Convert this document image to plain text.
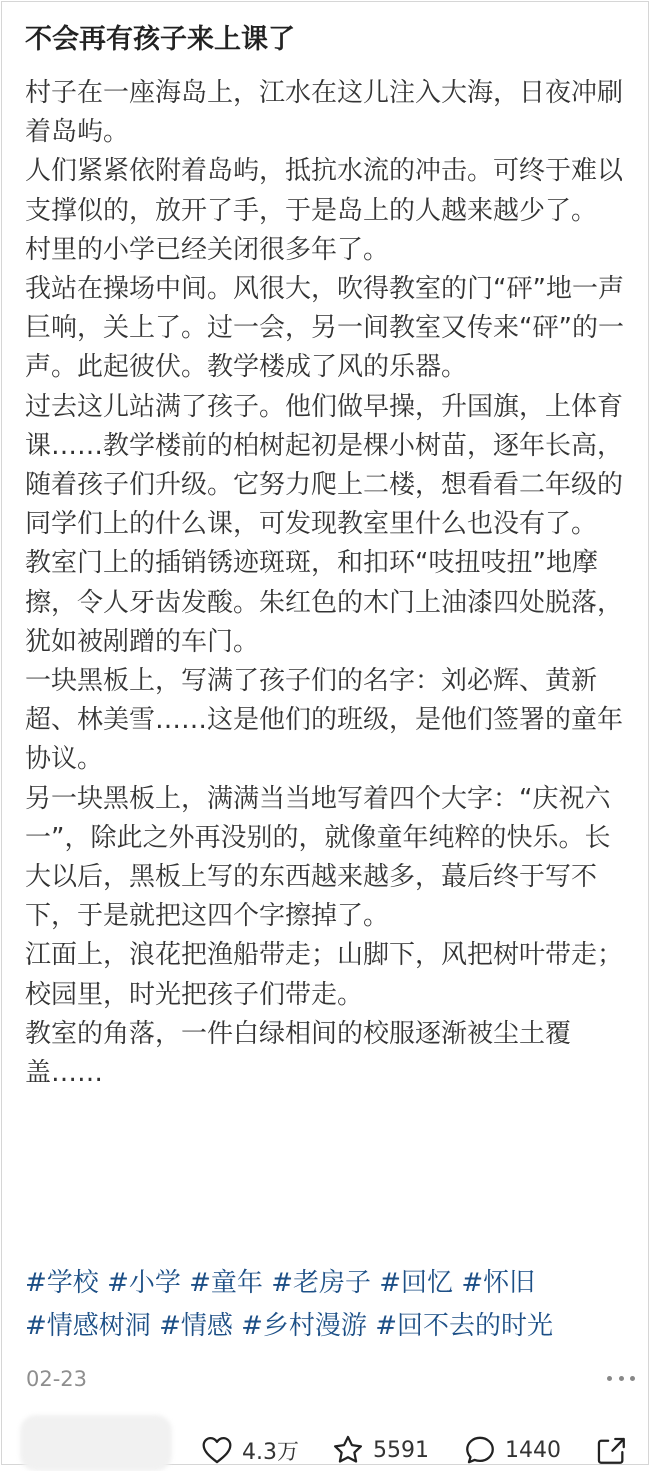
不会再有孩子来上课了

村子在一座海岛上，江水在这儿注入大海，日夜冲刷着岛屿。

人们紧紧依附着岛屿，抵抗水流的冲击。可终于难以支撑似的，放开了手，于是岛上的人越来越少了。

村里的小学已经关闭很多年了。

我站在操场中间。风很大，吹得教室的门“砰”地一声巨响，关上了。过一会，另一间教室又传来“砰”的一声。此起彼伏。教学楼成了风的乐器。

过去这儿站满了孩子。他们做早操，升国旗，上体育课……教学楼前的柏树起初是棵小树苗，逐年长高，随着孩子们升级。它努力爬上二楼，想看看二年级的同学们上的什么课，可发现教室里什么也没有了。

教室门上的插销锈迹斑斑，和扣环“吱扭吱扭”地摩擦，令人牙齿发酸。朱红色的木门上油漆四处脱落，犹如被剐蹭的车门。

一块黑板上，写满了孩子们的名字：刘必辉、黄新超、林美雪……这是他们的班级，是他们签署的童年协议。

另一块黑板上，满满当当地写着四个大字：“庆祝六一”，除此之外再没别的，就像童年纯粹的快乐。长大以后，黑板上写的东西越来越多，蕞后终于写不下，于是就把这四个字擦掉了。

江面上，浪花把渔船带走；山脚下，风把树叶带走；校园里，时光把孩子们带走。

教室的角落，一件白绿相间的校服逐渐被尘土覆盖……

#学校 #小学 #童年 #老房子 #回忆 #怀旧 #情感树洞 #情感 #乡村漫游 #回不去的时光
02-23
4.3万	5591	1440
